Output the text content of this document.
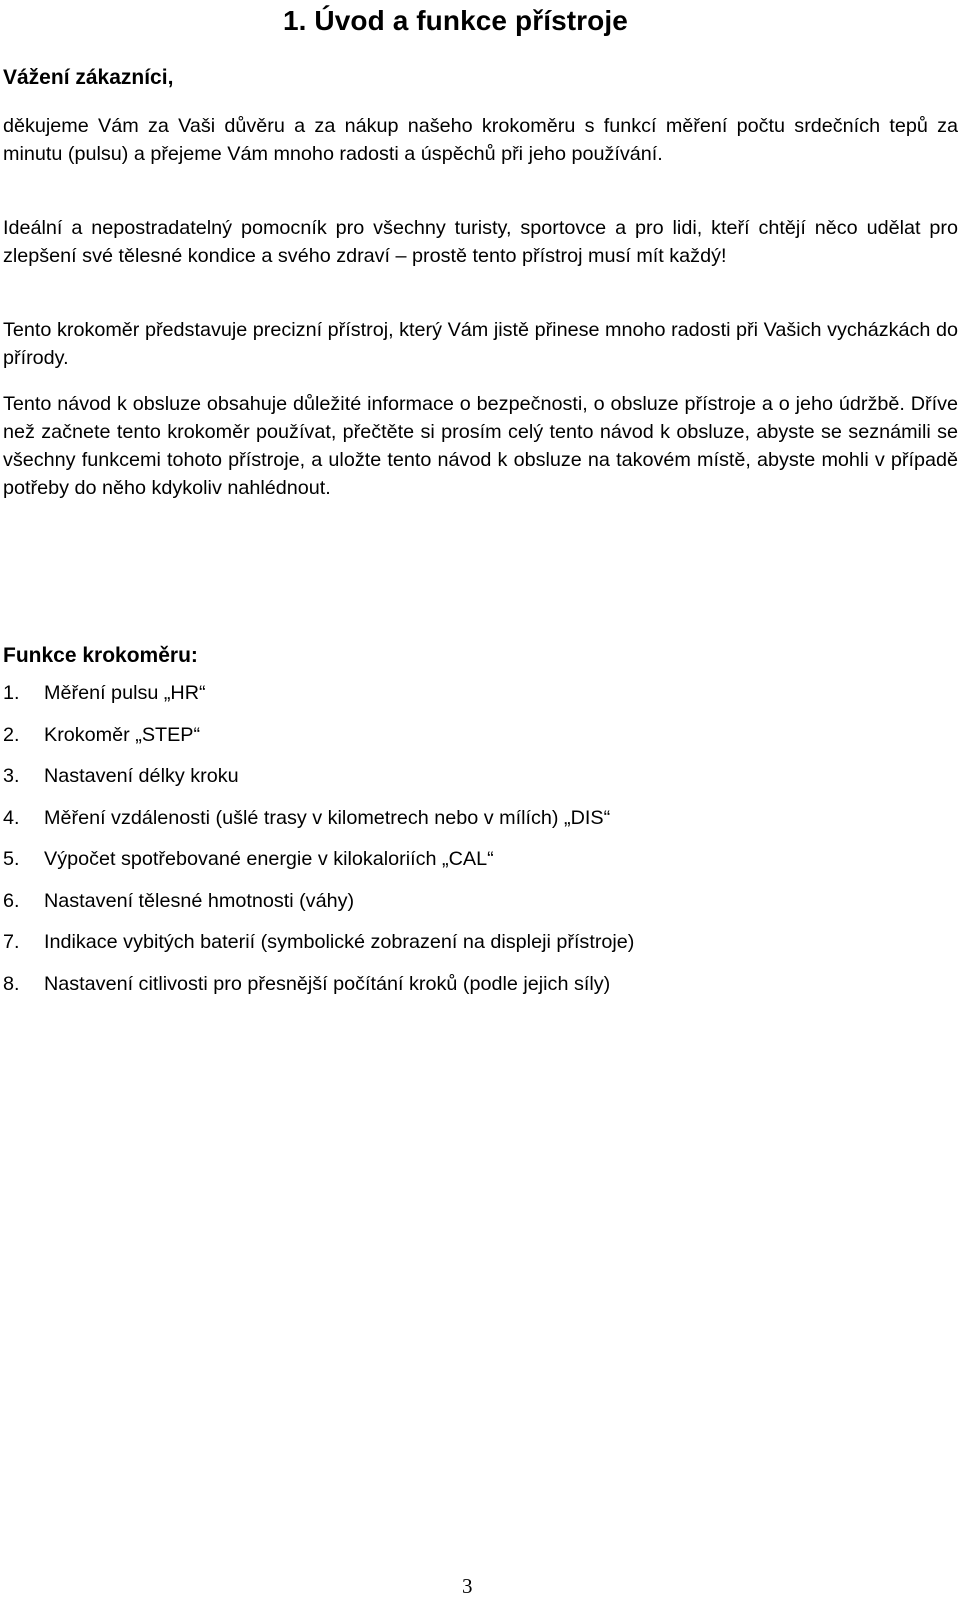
1. Úvod a funkce přístroje
Vážení zákazníci,

děkujeme Vám za Vaši důvěru a za nákup našeho krokoměru s funkcí měření počtu srdečních tepů za minutu (pulsu) a přejeme Vám mnoho radosti a úspěchů při jeho používání.

Ideální a nepostradatelný pomocník pro všechny turisty, sportovce a pro lidi, kteří chtějí něco udělat pro zlepšení své tělesné kondice a svého zdraví – prostě tento přístroj musí mít každý!

Tento krokoměr představuje precizní přístroj, který Vám jistě přinese mnoho radosti při Vašich vycházkách do přírody.

Tento návod k obsluze obsahuje důležité informace o bezpečnosti, o obsluze přístroje a o jeho údržbě. Dříve než začnete tento krokoměr používat, přečtěte si prosím celý tento návod k obsluze, abyste se seznámili se všechny funkcemi tohoto přístroje, a uložte tento návod k obsluze na takovém místě, abyste mohli v případě potřeby do něho kdykoliv nahlédnout.

Funkce krokoměru:
1.	Měření pulsu „HR“
2.	Krokoměr „STEP“
3.	Nastavení délky kroku
4.	Měření vzdálenosti (ušlé trasy v kilometrech nebo v mílích) „DIS“
5.	Výpočet spotřebované energie v kilokaloriích „CAL“
6.	Nastavení tělesné hmotnosti (váhy)
7.	Indikace vybitých baterií (symbolické zobrazení na displeji přístroje)
8.	Nastavení citlivosti pro přesnější počítání kroků (podle jejich síly)
3
